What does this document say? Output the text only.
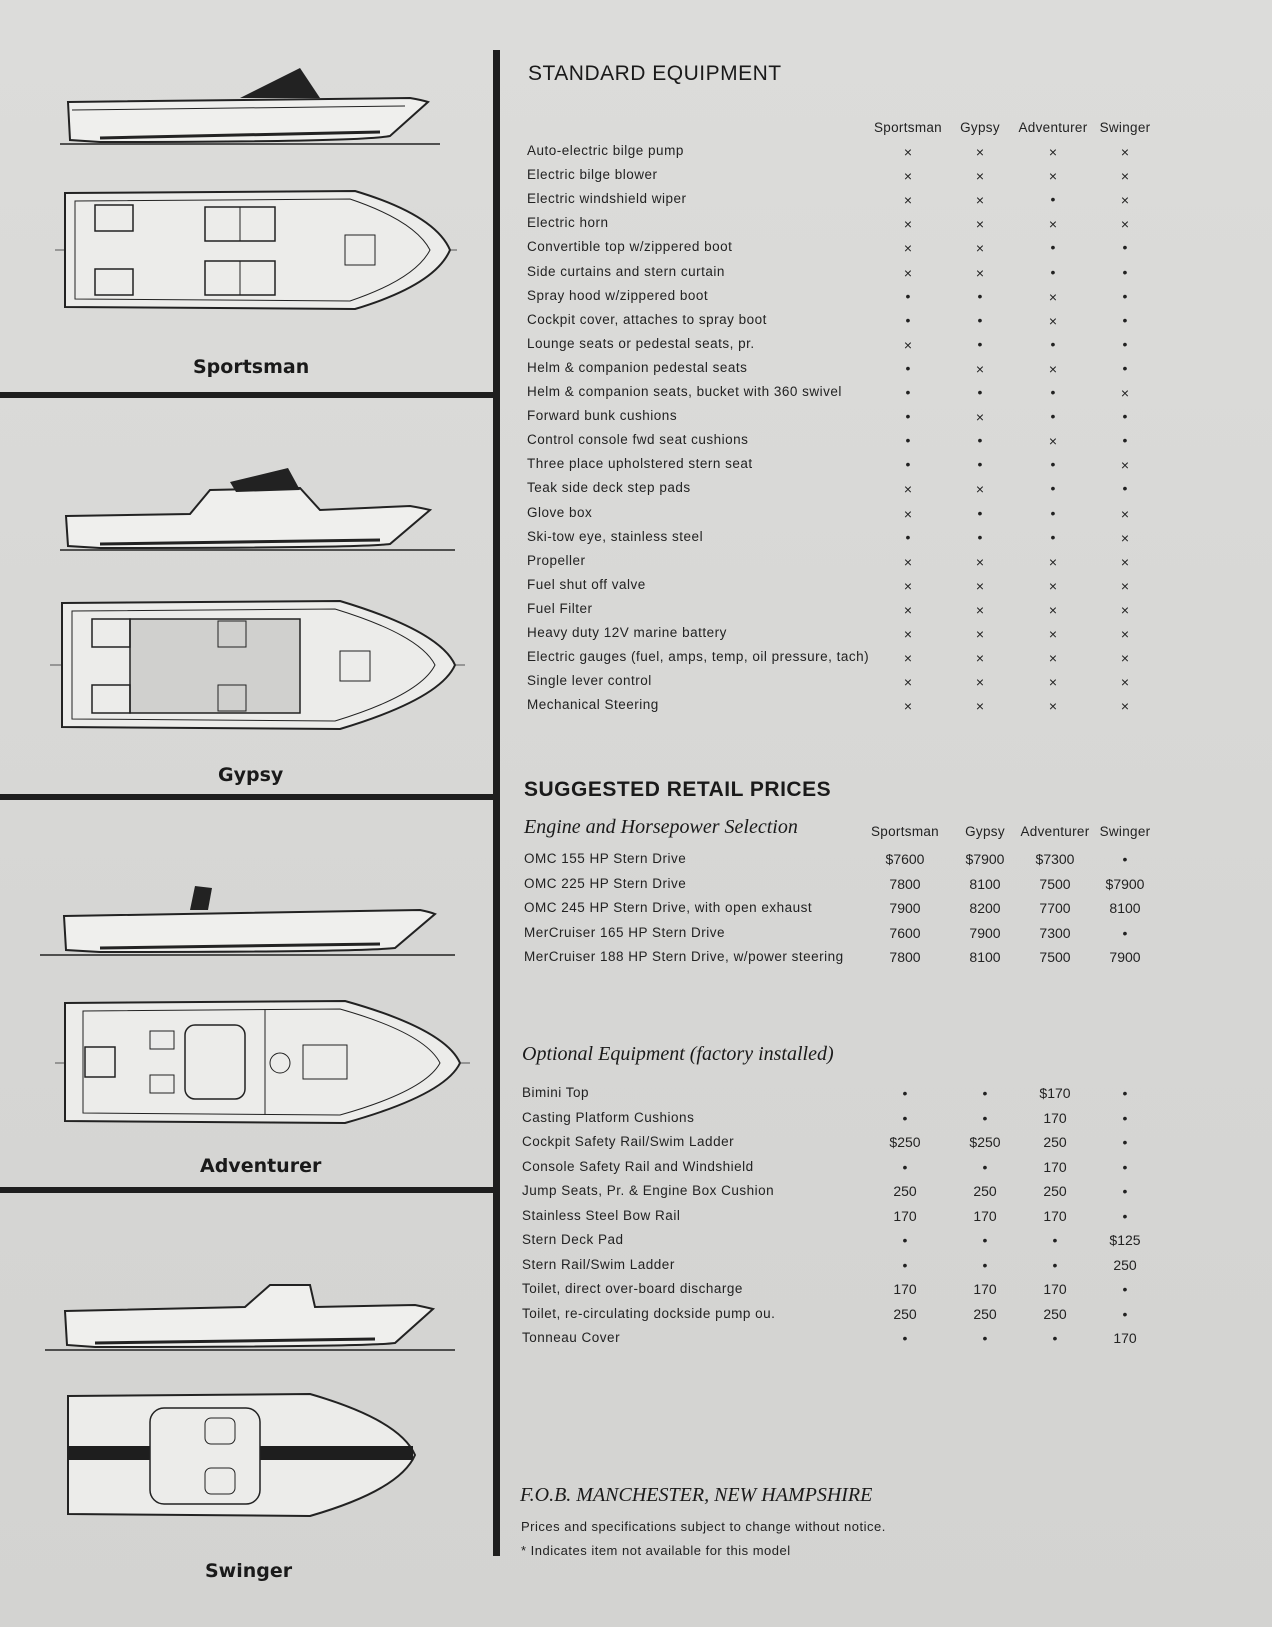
Sportsman
Gypsy
Adventurer
Swinger
STANDARD EQUIPMENT
Sportsman	Gypsy	Adventurer Swinger
Auto-electric bilge pump	×	×	×	×
Electric bilge blower	×	×	×	×
Electric windshield wiper	×	×	•	×
Electric horn	×	×	×	×
Convertible top w/zippered boot	×	×	•	•
Side curtains and stern curtain	×	×	•	•
Spray hood w/zippered boot	•	•	×	•
Cockpit cover, attaches to spray boot	•	•	×	•
Lounge seats or pedestal seats, pr.	×	•	•	•
Helm & companion pedestal seats	•	×	×	•
Helm & companion seats, bucket with 360 swivel	•	•	•	×
Forward bunk cushions	•	×	•	•
Control console fwd seat cushions	•	•	×	•
Three place upholstered stern seat	•	•	•	×
Teak side deck step pads	×	×	•	•
Glove box	×	•	•	×
Ski-tow eye, stainless steel	•	•	•	×
Propeller	×	×	×	×
Fuel shut off valve	×	×	×	×
Fuel Filter	×	×	×	×
Heavy duty 12V marine battery	×	×	×	×
Electric gauges (fuel, amps, temp, oil pressure, tach)	×	×	×	×
Single lever control	×	×	×	×
Mechanical Steering	×	×	×	×
SUGGESTED RETAIL PRICES
Engine and Horsepower Selection	Sportsman	Gypsy	Adventurer Swinger
OMC 155 HP Stern Drive	$7600	$7900	$7300	•
OMC 225 HP Stern Drive	7800	8100	7500	$7900
OMC 245 HP Stern Drive, with open exhaust	7900	8200	7700	8100
MerCruiser 165 HP Stern Drive	7600	7900	7300	•
MerCruiser 188 HP Stern Drive, w/power steering	7800	8100	7500	7900
Optional Equipment (factory installed)
Bimini Top	•	•	$170	•
Casting Platform Cushions	•	•	170	•
Cockpit Safety Rail/Swim Ladder	$250	$250	250	•
Console Safety Rail and Windshield	•	•	170	•
Jump Seats, Pr. & Engine Box Cushion	250	250	250	•
Stainless Steel Bow Rail	170	170	170	•
Stern Deck Pad	•	•	•	$125
Stern Rail/Swim Ladder	•	•	•	250
Toilet, direct over-board discharge	170	170	170	•
Toilet, re-circulating dockside pump ou.	250	250	250	•
Tonneau Cover	•	•	•	170
F.O.B. MANCHESTER, NEW HAMPSHIRE
Prices and specifications subject to change without notice.
* Indicates item not available for this model
